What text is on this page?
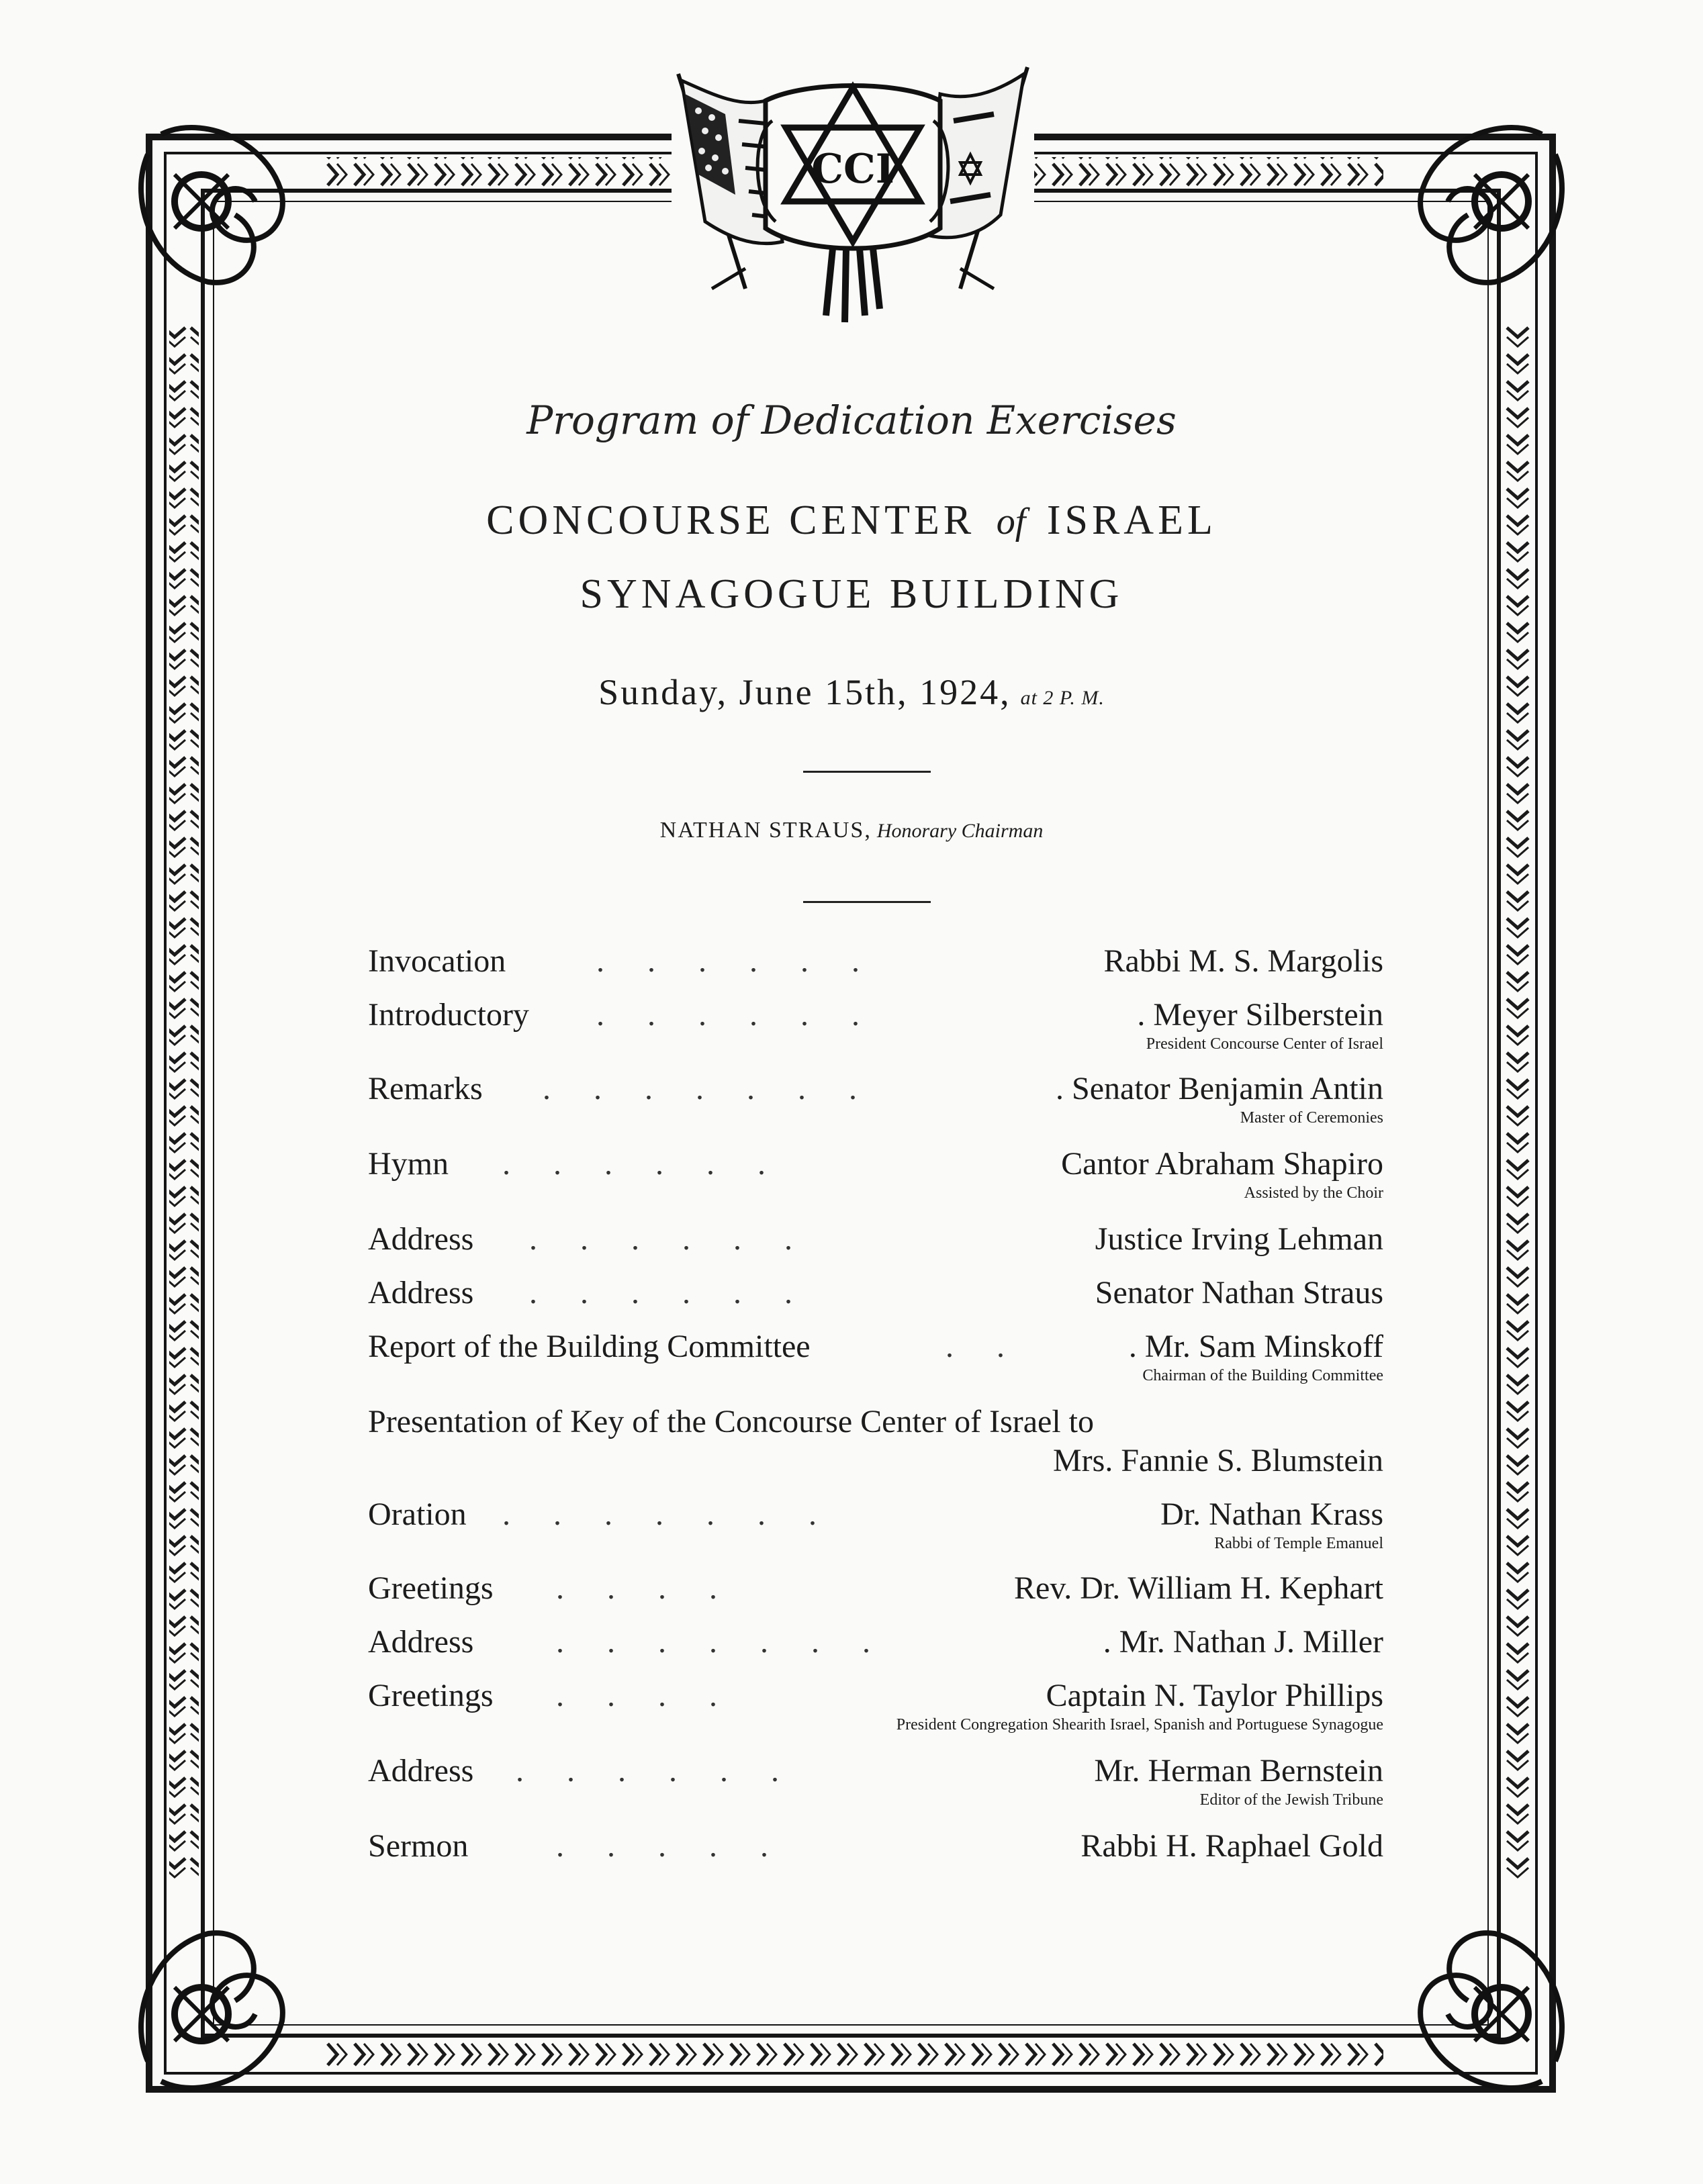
CCI
Program of Dedication Exercises
CONCOURSE CENTER of ISRAEL
SYNAGOGUE BUILDING
Sunday, June 15th, 1924, at 2 P. M.
NATHAN STRAUS, Honorary Chairman
Invocation	......	Rabbi M. S. Margolis
Introductory ......	. Meyer Silberstein
President Concourse Center of Israel
Remarks .......	. Senator Benjamin Antin
Master of Ceremonies
Hymn ......	Cantor Abraham Shapiro
Assisted by the Choir
Address ......	Justice Irving Lehman
Address ......	Senator Nathan Straus
Report of the Building Committee	..	. Mr. Sam Minskoff
Chairman of the Building Committee
Oration .......	Dr. Nathan Krass
Rabbi of Temple Emanuel
Greetings ....	Rev. Dr. William H. Kephart
Address	.......	. Mr. Nathan J. Miller
Greetings ....	Captain N. Taylor Phillips
President Congregation Shearith Israel, Spanish and Portuguese Synagogue
Address ......	Mr. Herman Bernstein
Editor of the Jewish Tribune
Sermon	.....	Rabbi H. Raphael Gold
Presentation of Key of the Concourse Center of Israel to
Mrs. Fannie S. Blumstein
